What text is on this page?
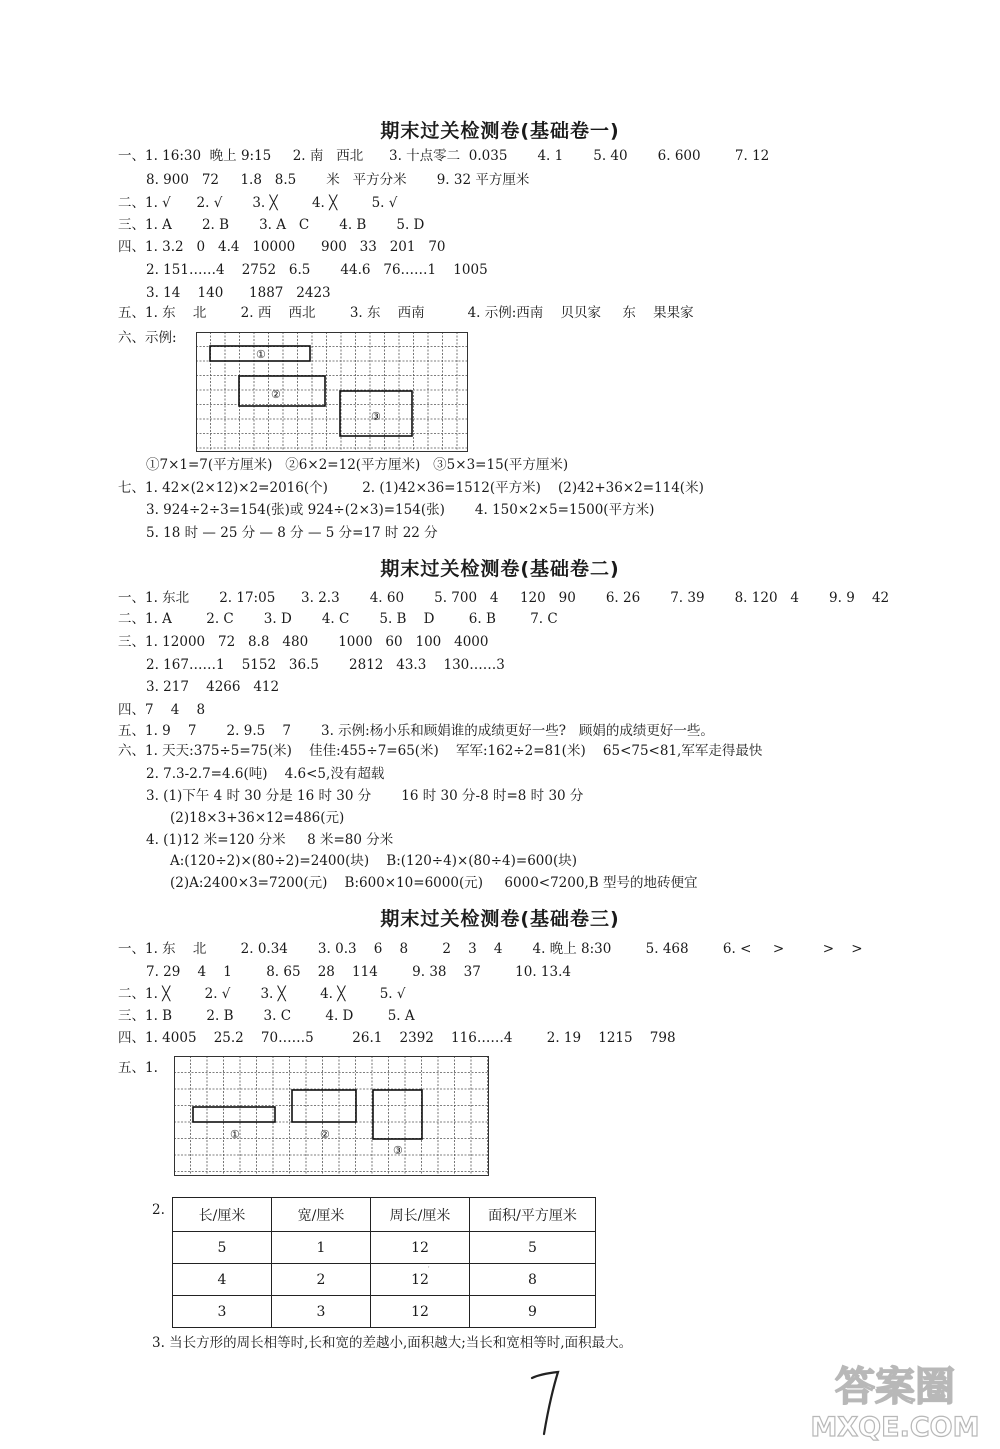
期末过关检测卷(基础卷一)
一、1. 16:30  晚上 9:15     2. 南   西北      3. 十点零二  0.035       4. 1       5. 40       6. 600        7. 12
8. 900   72     1.8   8.5       米   平方分米       9. 32 平方厘米
二、1. √      2. √       3. ╳        4. ╳        5. √
三、1. A       2. B       3. A   C       4. B       5. D
四、1. 3.2   0   4.4   10000      900   33   201   70
2. 151……4    2752   6.5       44.6   76……1    1005
3. 14    140      1887   2423
五、1. 东    北        2. 西    西北        3. 东    西南          4. 示例:西南    贝贝家     东    果果家
六、示例:
①
②
③
①7×1=7(平方厘米)   ②6×2=12(平方厘米)   ③5×3=15(平方厘米)
七、1. 42×(2×12)×2=2016(个)        2. (1)42×36=1512(平方米)    (2)42+36×2=114(米)
3. 924÷2÷3=154(张)或 924÷(2×3)=154(张)       4. 150×2×5=1500(平方米)
5. 18 时 — 25 分 — 8 分 — 5 分=17 时 22 分
期末过关检测卷(基础卷二)
一、1. 东北       2. 17:05      3. 2.3       4. 60       5. 700   4     120   90       6. 26       7. 39       8. 120   4       9. 9    42
二、1. A        2. C       3. D       4. C       5. B    D        6. B        7. C
三、1. 12000   72   8.8   480       1000   60   100   4000
2. 167……1    5152   36.5       2812   43.3    130……3
3. 217    4266   412
四、7    4    8
五、1. 9    7       2. 9.5    7       3. 示例:杨小乐和顾娟谁的成绩更好一些?   顾娟的成绩更好一些。
六、1. 天天:375÷5=75(米)    佳佳:455÷7=65(米)    军军:162÷2=81(米)    65<75<81,军军走得最快
2. 7.3-2.7=4.6(吨)    4.6<5,没有超载
3. (1)下午 4 时 30 分是 16 时 30 分       16 时 30 分-8 时=8 时 30 分
(2)18×3+36×12=486(元)
4. (1)12 米=120 分米     8 米=80 分米
A:(120÷2)×(80÷2)=2400(块)    B:(120÷4)×(80÷4)=600(块)
(2)A:2400×3=7200(元)    B:600×10=6000(元)     6000<7200,B 型号的地砖便宜
期末过关检测卷(基础卷三)
一、1. 东    北        2. 0.34       3. 0.3    6    8        2    3    4       4. 晚上 8:30        5. 468        6. <     >         >    >
7. 29    4    1        8. 65    28    114        9. 38    37        10. 13.4
二、1. ╳        2. √       3. ╳        4. ╳        5. √
三、1. B        2. B       3. C        4. D        5. A
四、1. 4005    25.2    70……5         26.1    2392    116……4        2. 19    1215    798
五、1.
①	②
③
2. 长/厘米	宽/厘米	周长/厘米	面积/平方厘米
5	1	12	5
4	2	12	8
3	3	12	9
3. 当长方形的周长相等时,长和宽的差越小,面积越大;当长和宽相等时,面积最大。
7
答案圈
MXQE.COM
